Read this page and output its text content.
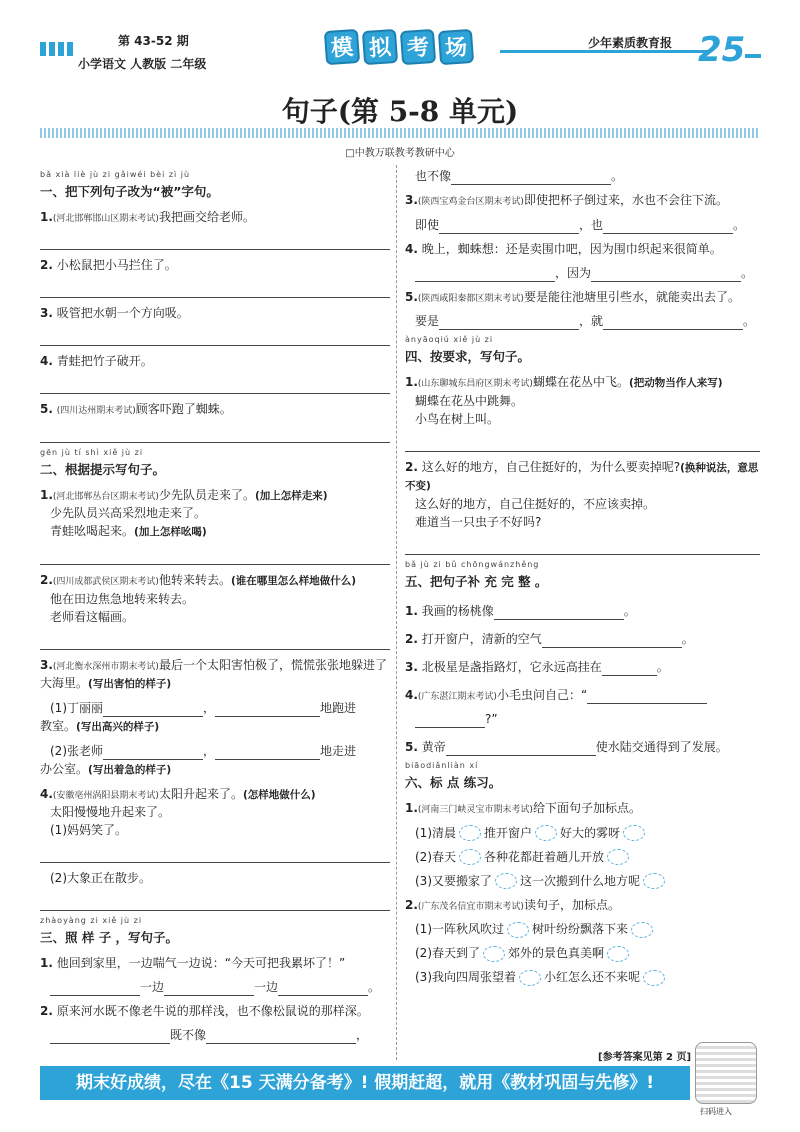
第 43-52 期
小学语文 人教版 二年级
模 拟 考 场	少年素质教育报 25
句子(第 5-8 单元)
□中教万联教考教研中心
bǎ xià liè jù zi gǎiwéi bèi zì jù
一、把下列句子改为“被”字句。
1.(河北邯郸邯山区期末考试)我把画交给老师。
2. 小松鼠把小马拦住了。
3. 吸管把水朝一个方向吸。
4. 青蛙把竹子破开。
5. (四川达州期末考试)顾客吓跑了蜘蛛。
gēn jù tí shì xiě jù zi
二、根据提示写句子。
1.(河北邯郸丛台区期末考试)少先队员走来了。(加上怎样走来)
少先队员兴高采烈地走来了。
青蛙吆喝起来。(加上怎样吆喝)
2.(四川成都武侯区期末考试)他转来转去。(谁在哪里怎么样地做什么)
他在田边焦急地转来转去。
老师看这幅画。
3.(河北衡水深州市期末考试)最后一个太阳害怕极了，慌慌张张地躲进了大海里。(写出害怕的样子)
(1)丁丽丽	，	地跑进
教室。(写出高兴的样子)
(2)张老师	，	地走进
办公室。(写出着急的样子)
4.(安徽亳州涡阳县期末考试)太阳升起来了。(怎样地做什么)
太阳慢慢地升起来了。
(1)妈妈笑了。
(2)大象正在散步。
zhàoyàng zi xiě jù zi
三、照 样 子 ，写句子。
1. 他回到家里，一边喘气一边说：“今天可把我累坏了！”
一边	一边	。
2. 原来河水既不像老牛说的那样浅，也不像松鼠说的那样深。
既不像	，
也不像	。
3.(陕西宝鸡金台区期末考试)即使把杯子倒过来，水也不会往下流。
即使	，也	。
4. 晚上，蜘蛛想：还是卖围巾吧，因为围巾织起来很简单。
，因为	。
5.(陕西咸阳秦都区期末考试)要是能往池塘里引些水，就能卖出去了。
要是	，就	。
ànyāoqiú xiě jù zi
四、按要求，写句子。
1.(山东聊城东昌府区期末考试)蝴蝶在花丛中飞。(把动物当作人来写)
蝴蝶在花丛中跳舞。
小鸟在树上叫。
2. 这么好的地方，自己住挺好的，为什么要卖掉呢?(换种说法，意思不变)
这么好的地方，自己住挺好的，不应该卖掉。
难道当一只虫子不好吗?
bǎ jù zi bǔ chōngwánzhěng
五、把句子补 充 完 整 。
1. 我画的杨桃像	。
2. 打开窗户，清新的空气	。
3. 北极星是盏指路灯，它永远高挂在	。
4.(广东湛江期末考试)小毛虫问自己：“
?”
5. 黄帝	使水陆交通得到了发展。
biāodiǎnliàn xí
六、标 点 练习。
1.(河南三门峡灵宝市期末考试)给下面句子加标点。
(1)清晨 推开窗户 好大的雾呀
(2)春天 各种花都赶着趟儿开放
(3)又要搬家了 这一次搬到什么地方呢
2.(广东茂名信宜市期末考试)读句子，加标点。
(1)一阵秋风吹过 树叶纷纷飘落下来
(2)春天到了 郊外的景色真美啊
(3)我向四周张望着 小红怎么还不来呢
[参考答案见第 2 页]
期末好成绩，尽在《15 天满分备考》! 假期赶超，就用《教材巩固与先修》!
扫码进入
